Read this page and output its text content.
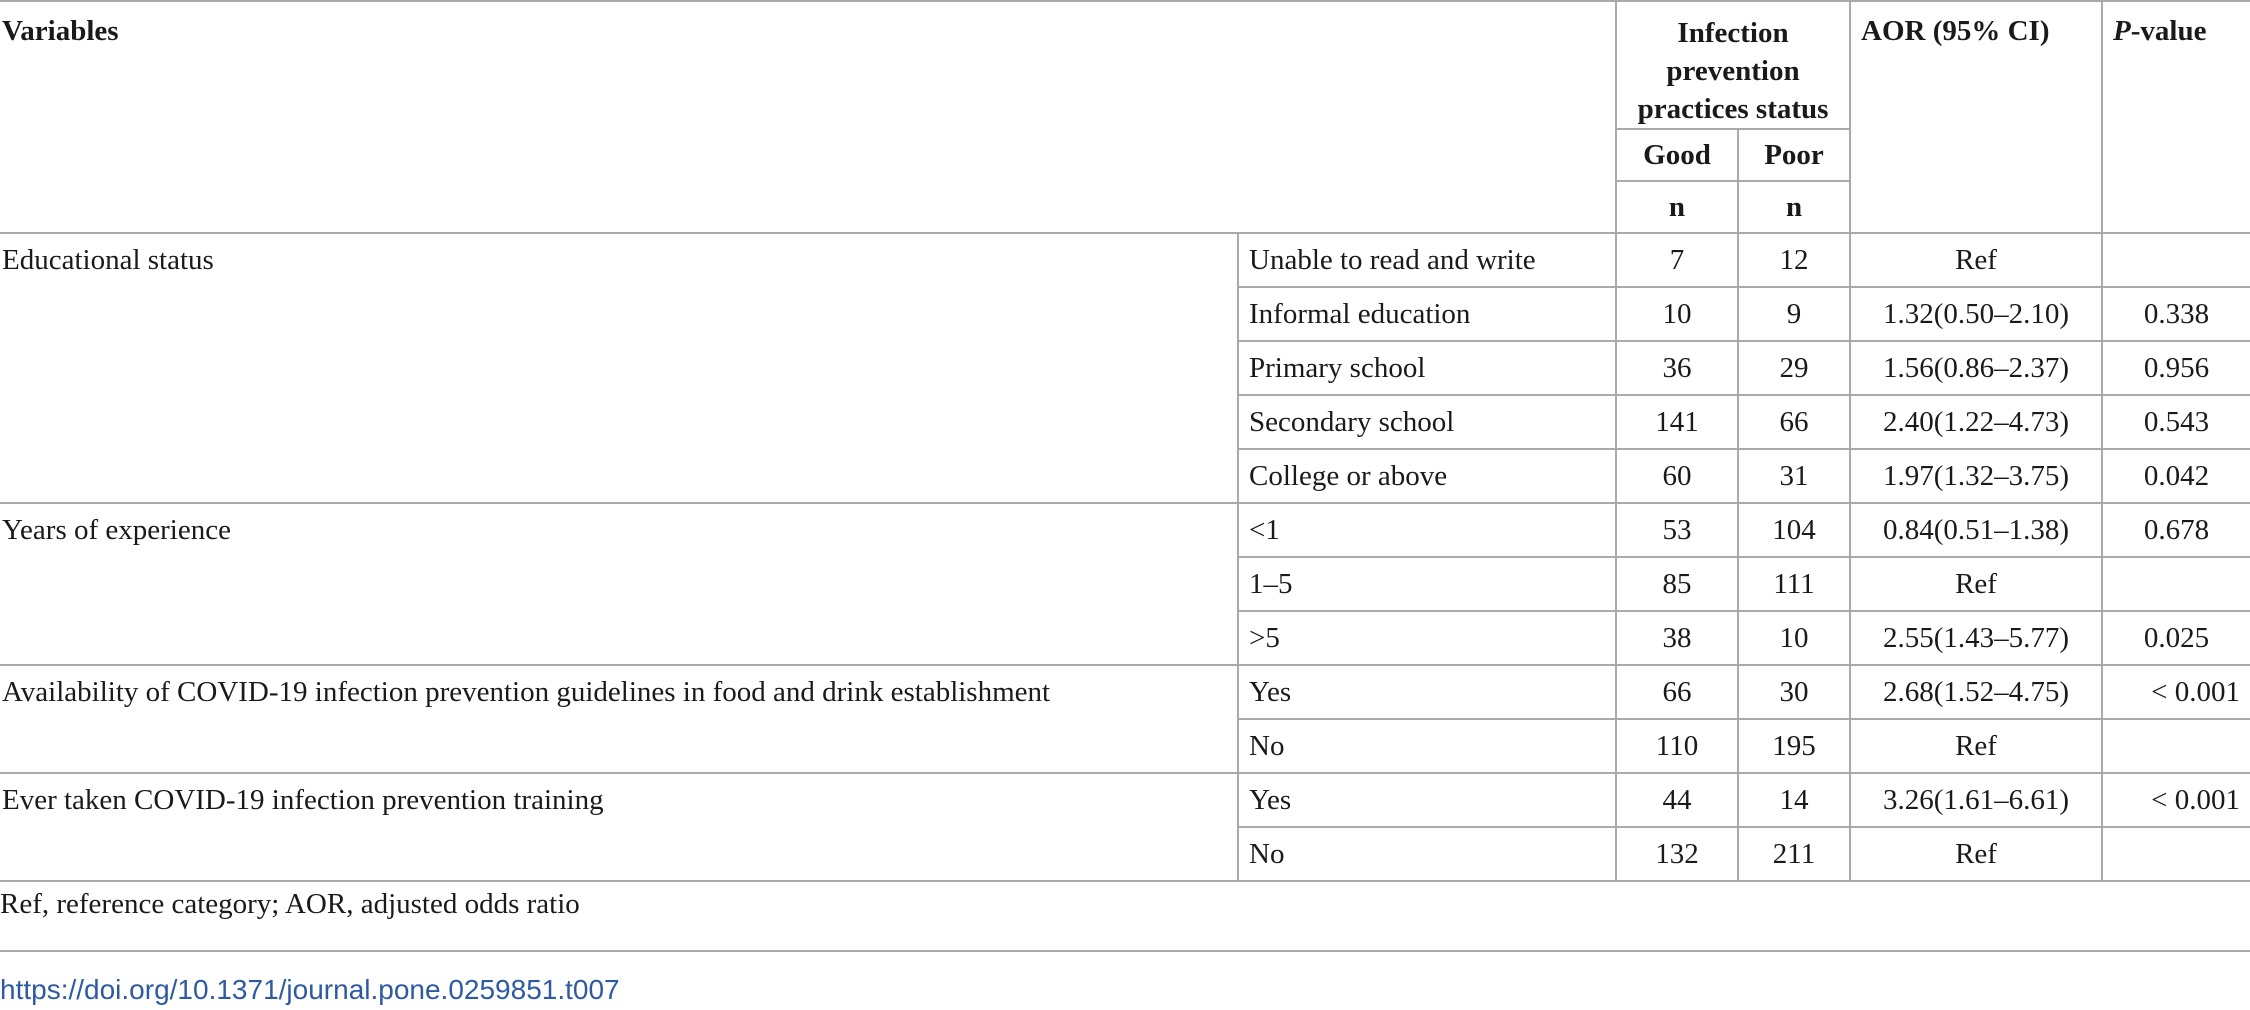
Variables		Infection prevention practices status		AOR (95% CI)	P-value
		Good	Poor		
		n	n		
Educational status	Unable to read and write	7	12	Ref	
	Informal education	10	9	1.32(0.50–2.10)	0.338
	Primary school	36	29	1.56(0.86–2.37)	0.956
	Secondary school	141	66	2.40(1.22–4.73)	0.543
	College or above	60	31	1.97(1.32–3.75)	0.042
Years of experience	<1	53	104	0.84(0.51–1.38)	0.678
	1–5	85	111	Ref	
	>5	38	10	2.55(1.43–5.77)	0.025
Availability of COVID-19 infection prevention guidelines in food and drink establishment	Yes	66	30	2.68(1.52–4.75)	< 0.001
	No	110	195	Ref	
Ever taken COVID-19 infection prevention training	Yes	44	14	3.26(1.61–6.61)	< 0.001
	No	132	211	Ref	
Ref, reference category; AOR, adjusted odds ratio
https://doi.org/10.1371/journal.pone.0259851.t007
